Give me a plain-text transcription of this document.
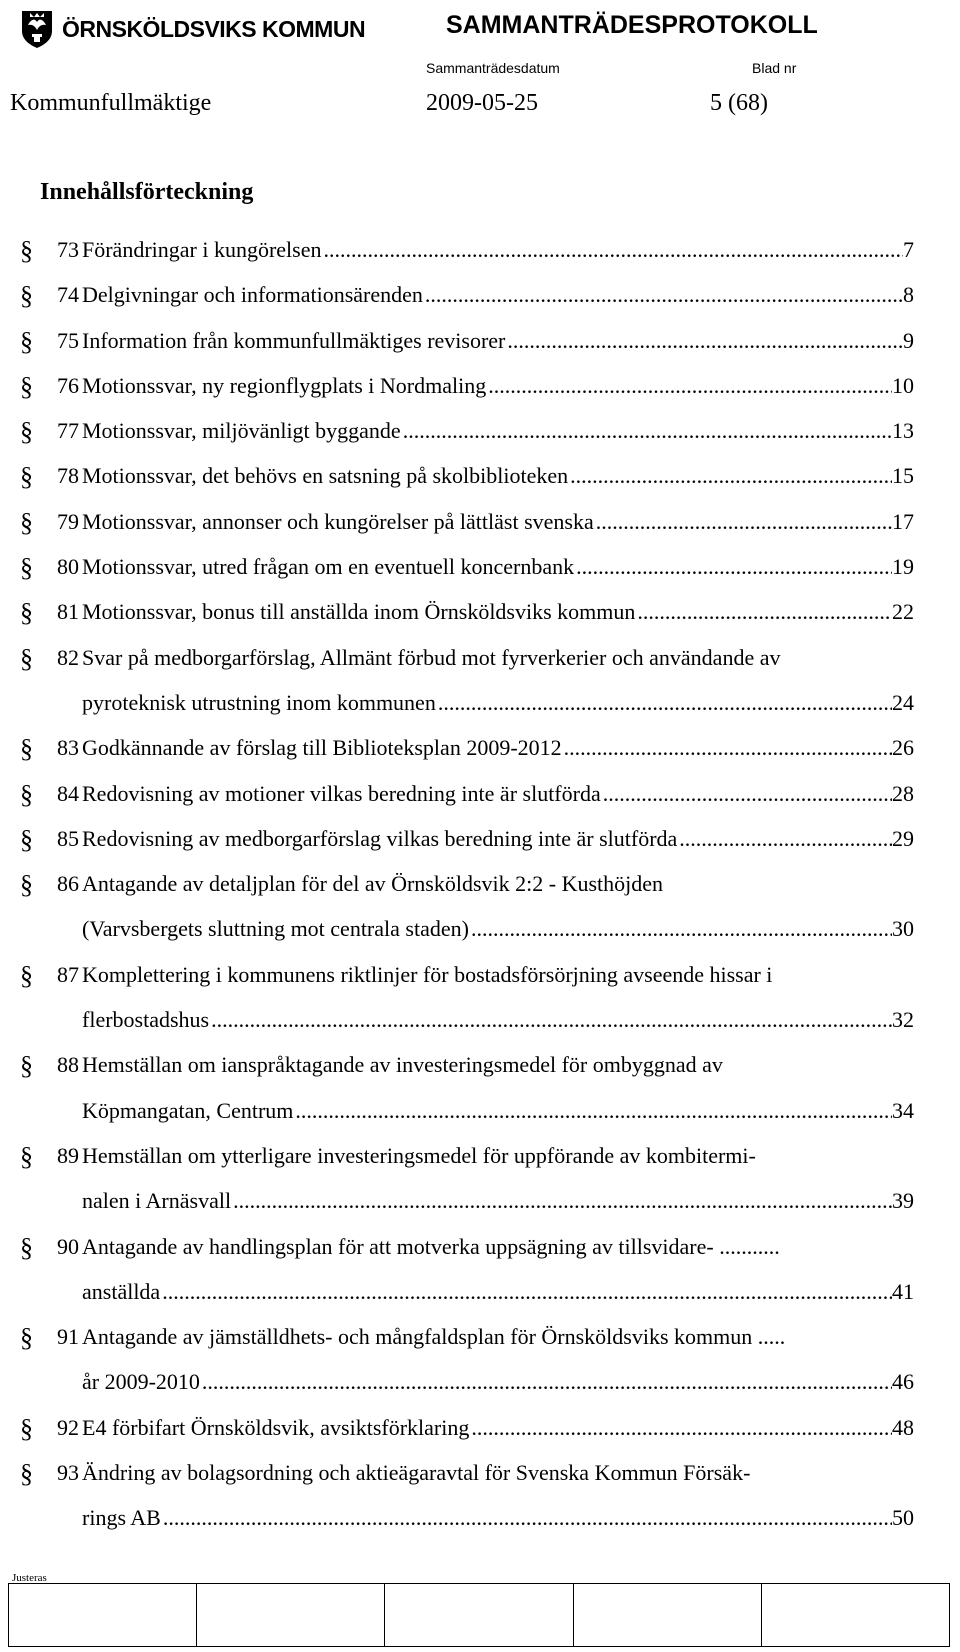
ÖRNSKÖLDSVIKS KOMMUN	SAMMANTRÄDESPROTOKOLL
Sammanträdesdatum	Blad nr
Kommunfullmäktige	2009-05-25	5 (68)
Innehållsförteckning
§ 73 Förändringar i kungörelsen .....	7
§ 74 Delgivningar och informationsärenden .....	8
§ 75 Information från kommunfullmäktiges revisorer .....	9
§ 76 Motionssvar, ny regionflygplats i Nordmaling .....	10
§ 77 Motionssvar, miljövänligt byggande .....	13
§ 78 Motionssvar, det behövs en satsning på skolbiblioteken .....	15
§ 79 Motionssvar, annonser och kungörelser på lättläst svenska .....	17
§ 80 Motionssvar, utred frågan om en eventuell koncernbank .....	19
§ 81 Motionssvar, bonus till anställda inom Örnsköldsviks kommun .....	22
§ 82 Svar på medborgarförslag, Allmänt förbud mot fyrverkerier och användande av
pyroteknisk utrustning inom kommunen .....	24
§ 83 Godkännande av förslag till Biblioteksplan 2009-2012 .....	26
§ 84 Redovisning av motioner vilkas beredning inte är slutförda .....	28
§ 85 Redovisning av medborgarförslag vilkas beredning inte är slutförda .....	29
§ 86 Antagande av detaljplan för del av Örnsköldsvik 2:2 - Kusthöjden
(Varvsbergets sluttning mot centrala staden) .....	30
§ 87 Komplettering i kommunens riktlinjer för bostadsförsörjning avseende hissar i
flerbostadshus .....	32
§ 88 Hemställan om ianspråktagande av investeringsmedel för ombyggnad av
Köpmangatan, Centrum .....	34
§ 89 Hemställan om ytterligare investeringsmedel för uppförande av kombitermi-
nalen i Arnäsvall .....	39
§ 90 Antagande av handlingsplan för att motverka uppsägning av tillsvidare- ...........
anställda .....	41
§ 91 Antagande av jämställdhets- och mångfaldsplan för Örnsköldsviks kommun .....
år 2009-2010 .....	46
§ 92 E4 förbifart Örnsköldsvik, avsiktsförklaring .....	48
§ 93 Ändring av bolagsordning och aktieägaravtal för Svenska Kommun Försäk-
rings AB .....	50
Justeras
